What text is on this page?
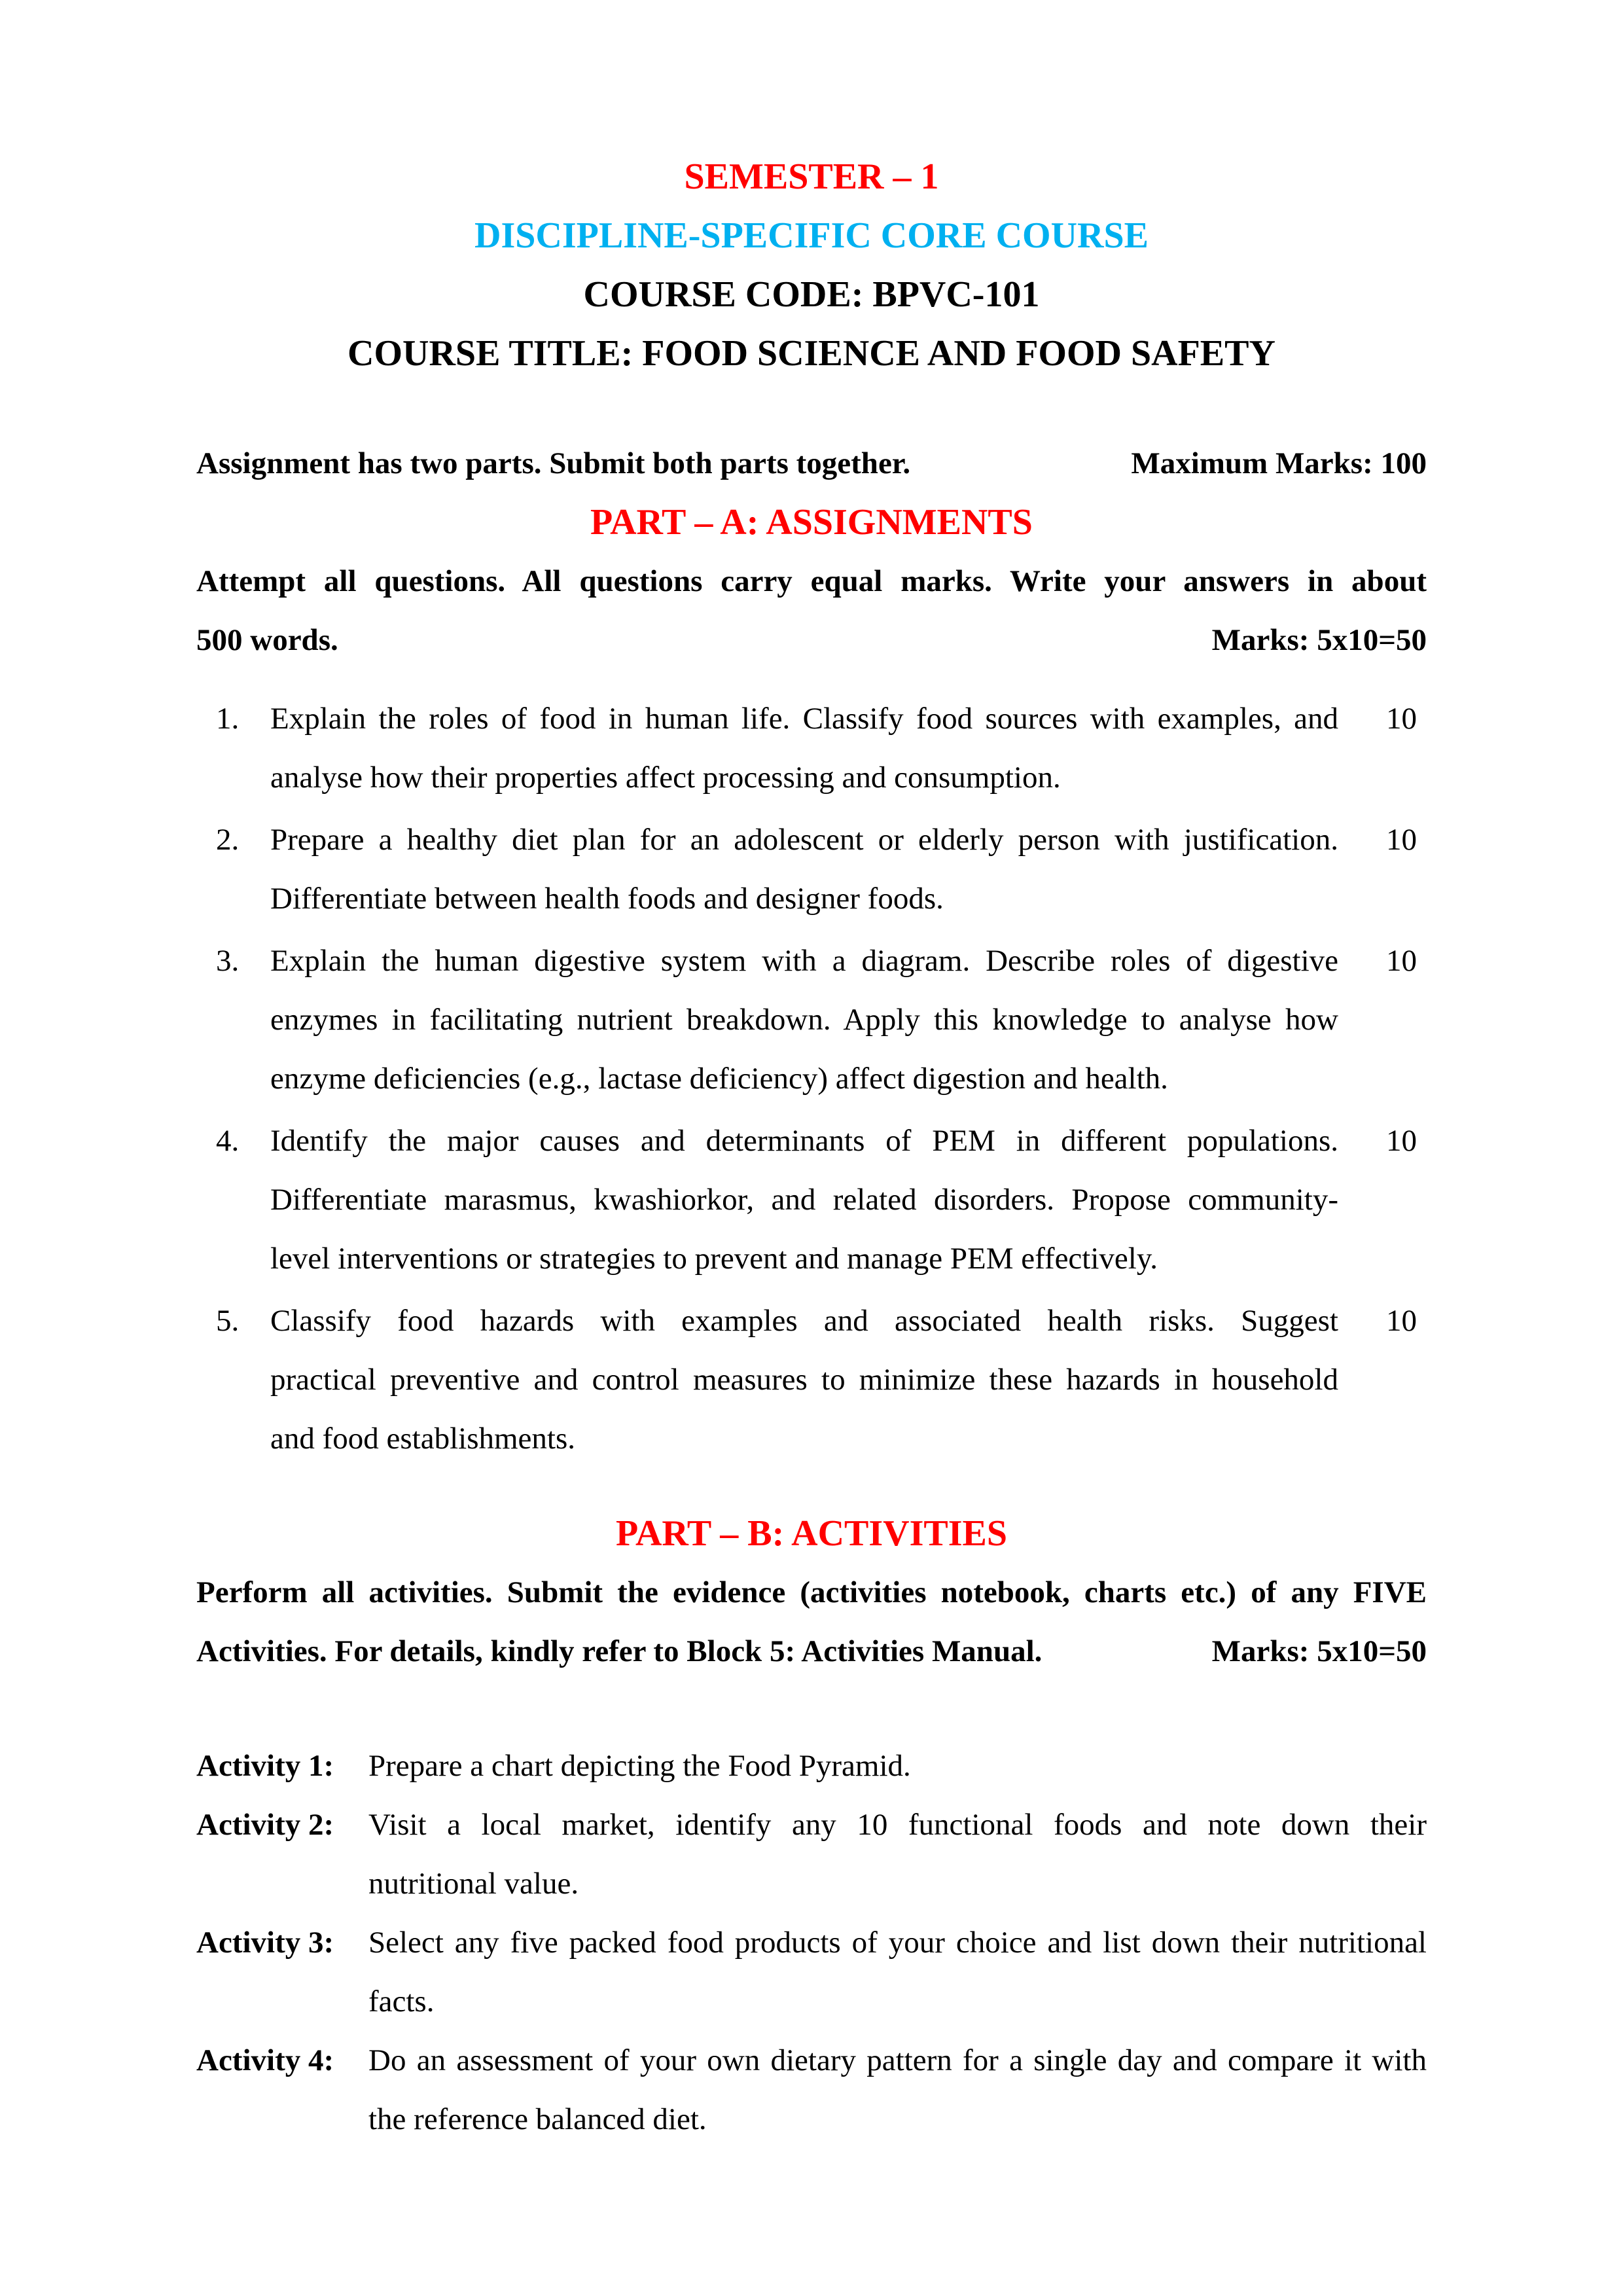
SEMESTER – 1
DISCIPLINE-SPECIFIC CORE COURSE
COURSE CODE: BPVC-101
COURSE TITLE: FOOD SCIENCE AND FOOD SAFETY
Assignment has two parts. Submit both parts together.	Maximum Marks: 100
PART – A: ASSIGNMENTS
Attempt all questions. All questions carry equal marks. Write your answers in about
500 words.	Marks: 5x10=50
1.	Explain the roles of food in human life. Classify food sources with examples, and
analyse how their properties affect processing and consumption.
10
2.	Prepare a healthy diet plan for an adolescent or elderly person with justification.
Differentiate between health foods and designer foods.
10
3.	Explain the human digestive system with a diagram. Describe roles of digestive
enzymes in facilitating nutrient breakdown. Apply this knowledge to analyse how
enzyme deficiencies (e.g., lactase deficiency) affect digestion and health.
10
4.	Identify the major causes and determinants of PEM in different populations.
Differentiate marasmus, kwashiorkor, and related disorders. Propose community-
level interventions or strategies to prevent and manage PEM effectively.
10
5.	Classify food hazards with examples and associated health risks. Suggest
practical preventive and control measures to minimize these hazards in household
and food establishments.
10
PART – B: ACTIVITIES
Perform all activities. Submit the evidence (activities notebook, charts etc.) of any FIVE
Activities. For details, kindly refer to Block 5: Activities Manual.	Marks: 5x10=50
Activity 1:	Prepare a chart depicting the Food Pyramid.
Activity 2:	Visit a local market, identify any 10 functional foods and note down their
nutritional value.
Activity 3:	Select any five packed food products of your choice and list down their nutritional
facts.
Activity 4:	Do an assessment of your own dietary pattern for a single day and compare it with
the reference balanced diet.
